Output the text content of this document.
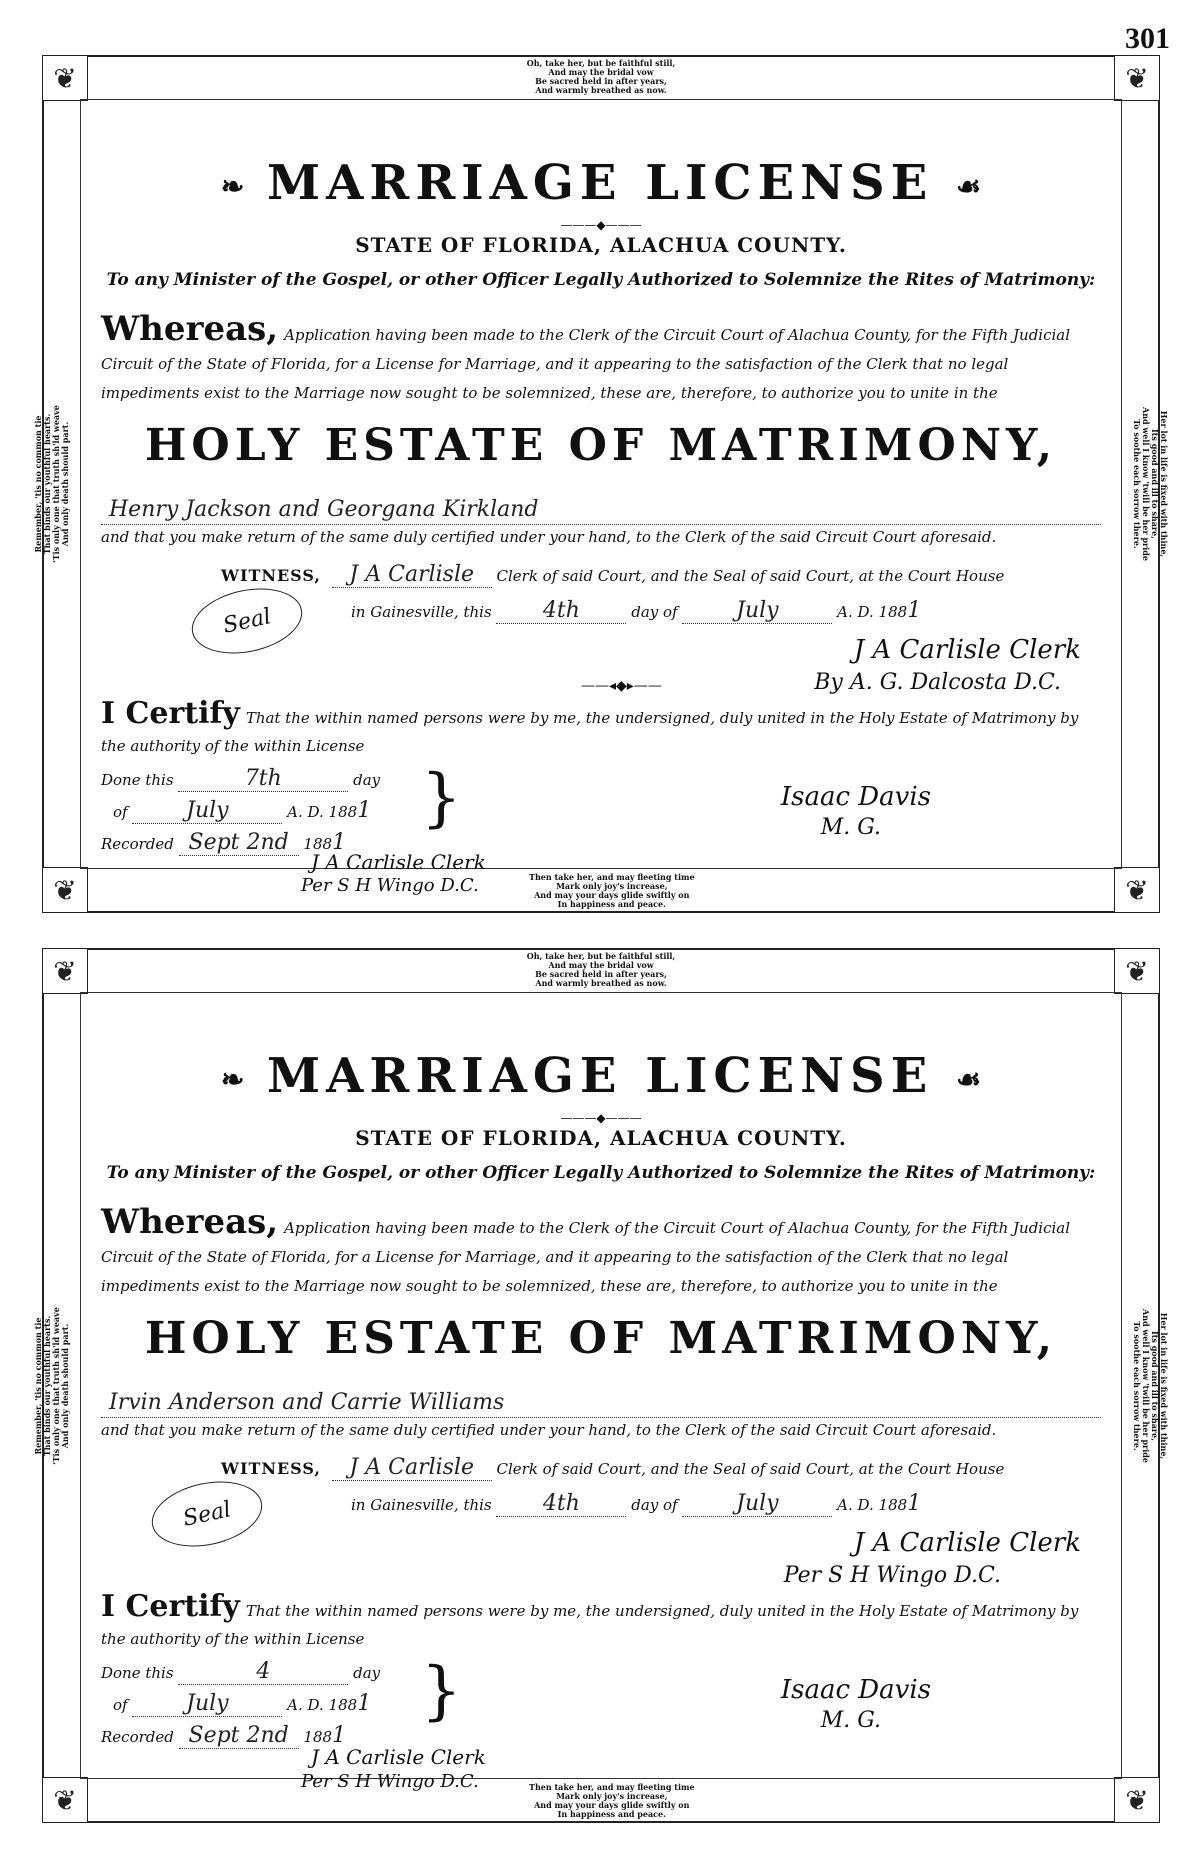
301
❦	❦
❦	❦
Oh, take her, but be faithful still,
And may the bridal vow
Be sacred held in after years,
And warmly breathed as now.
Then take her, and may fleeting time
Mark only joy's increase,
And may your days glide swiftly on
In happiness and peace.
Remember, 'tis no common tie That binds our youthful hearts. 'Tis only one that truth sh'ld weave And only death should part.	Her lot in life is fixed with thine,
Its good and ill to share,
And well I know 'twill be her pride
To soothe each sorrow there.
❧ MARRIAGE LICENSE ☙
———◆———
STATE OF FLORIDA, ALACHUA COUNTY.
To any Minister of the Gospel, or other Officer Legally Authorized to Solemnize the Rites of Matrimony:
Whereas, Application having been made to the Clerk of the Circuit Court of Alachua County, for the Fifth Judicial Circuit of the State of Florida, for a License for Marriage, and it appearing to the satisfaction of the Clerk that no legal impediments exist to the Marriage now sought to be solemnized, these are, therefore, to authorize you to unite in the
HOLY ESTATE OF MATRIMONY,
Henry Jackson and Georgana Kirkland
and that you make return of the same duly certified under your hand, to the Clerk of the said Circuit Court aforesaid.
WITNESS, J A Carlisle Clerk of said Court, and the Seal of said Court, at the Court House
in Gainesville, this 4th	day of	July	A. D. 1881
Seal
J A Carlisle Clerk
By A. G. Dalcosta D.C.
——◂◆▸——
I Certify That the within named persons were by me, the undersigned, duly united in the Holy Estate of Matrimony by the authority of the within License
Done this	7th	day }
of	July	A. D. 1881
Recorded Sept 2nd 1881
Isaac Davis
M. G.
J A Carlisle Clerk
Per S H Wingo D.C.
❦	❦
❦	❦
Oh, take her, but be faithful still,
And may the bridal vow
Be sacred held in after years,
And warmly breathed as now.
Then take her, and may fleeting time
Mark only joy's increase,
And may your days glide swiftly on
In happiness and peace.
Remember, 'tis no common tie That binds our youthful hearts. 'Tis only one that truth sh'ld weave And only death should part.	Her lot in life is fixed with thine,
Its good and ill to share,
And well I know 'twill be her pride
To soothe each sorrow there.
❧ MARRIAGE LICENSE ☙
———◆———
STATE OF FLORIDA, ALACHUA COUNTY.
To any Minister of the Gospel, or other Officer Legally Authorized to Solemnize the Rites of Matrimony:
Whereas, Application having been made to the Clerk of the Circuit Court of Alachua County, for the Fifth Judicial Circuit of the State of Florida, for a License for Marriage, and it appearing to the satisfaction of the Clerk that no legal impediments exist to the Marriage now sought to be solemnized, these are, therefore, to authorize you to unite in the
HOLY ESTATE OF MATRIMONY,
Irvin Anderson and Carrie Williams
and that you make return of the same duly certified under your hand, to the Clerk of the said Circuit Court aforesaid.
WITNESS, J A Carlisle Clerk of said Court, and the Seal of said Court, at the Court House
in Gainesville, this 4th	day of	July	A. D. 1881
Seal
J A Carlisle Clerk
Per S H Wingo D.C.
I Certify That the within named persons were by me, the undersigned, duly united in the Holy Estate of Matrimony by the authority of the within License
Done this	4	day }
of	July	A. D. 1881
Recorded Sept 2nd 1881
Isaac Davis
M. G.
J A Carlisle Clerk
Per S H Wingo D.C.
